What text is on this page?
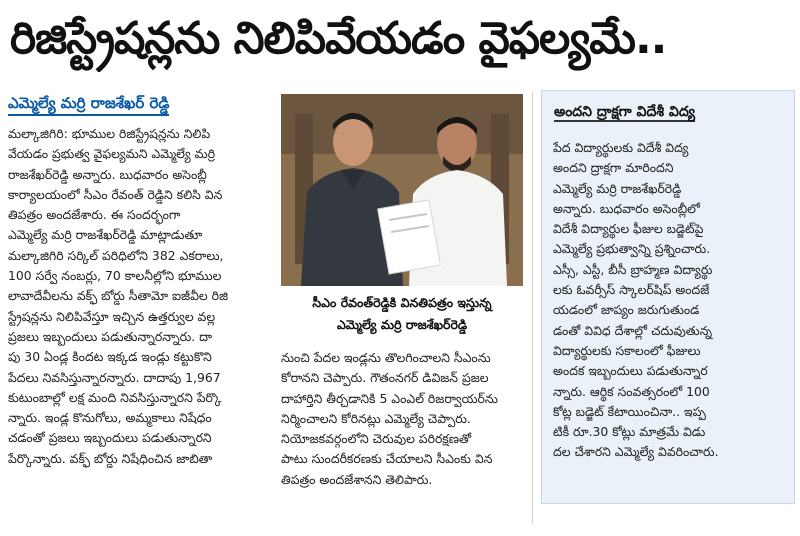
రిజిస్ట్రేషన్లను నిలిపివేయడం వైఫల్యమే..
ఎమ్మెల్యే మర్రి రాజశేఖర్ రెడ్డి

మల్కాజిగిరి: భూముల రిజిస్ట్రేషన్లను నిలిపి

వేయడం ప్రభుత్వ వైఫల్యమని ఎమ్మెల్యే మర్రి

రాజశేఖర్‌రెడ్డి అన్నారు. బుధవారం అసెంబ్లీ

కార్యాలయంలో సీఎం రేవంత్ రెడ్డిని కలిసి విన

తిపత్రం అందజేశారు. ఈ సందర్భంగా

ఎమ్మెల్యే మర్రి రాజశేఖర్‌రెడ్డి మాట్లాడుతూ

మల్కాజిగిరి సర్కిల్ పరిధిలోని 382 ఎకరాలు,

100 సర్వే నంబర్లు, 70 కాలనీల్లోని భూముల

లావాదేవీలను వక్ఫ్ బోర్డు సీతామో ఐజీవీల రిజి

స్ట్రేషన్లను నిలిపివేస్తూ ఇచ్చిన ఉత్తర్వుల వల్ల

ప్రజలు ఇబ్బందులు పడుతున్నారన్నారు. దా

పు 30 ఏండ్ల కిందట ఇక్కడ ఇండ్లు కట్టుకొని

పేదలు నివసిస్తున్నారన్నారు. దాదాపు 1,967

కుటుంబాల్లో లక్ష మంది నివసిస్తున్నారని పేర్కొ

న్నారు. ఇండ్ల కొనుగోలు, అమ్మకాలు నిషేధం

చడంతో ప్రజలు ఇబ్బందులు పడుతున్నారని

పేర్కొన్నారు. వక్ఫ్ బోర్డు నిషేధించిన జాబితా

సీఎం రేవంత్‌రెడ్డికి వినతిపత్రం ఇస్తున్న
ఎమ్మెల్యే మర్రి రాజశేఖర్‌రెడ్డి

నుంచి పేదల ఇండ్లను తొలగించాలని సీఎంను

కోరానని చెప్పారు. గౌతంనగర్ డివిజన్ ప్రజల

దాహార్తిని తీర్చడానికి 5 ఎంఎల్ రిజర్వాయర్‌ను

నిర్మించాలని కోరినట్లు ఎమ్మెల్యే చెప్పారు.

నియోజకవర్గంలోని చెరువుల పరిరక్షణతో

పాటు సుందరీకరణకు చేయాలని సీఎంకు విన

తిపత్రం అందజేశానని తెలిపారు.

అందని ద్రాక్షగా విదేశీ విద్య

పేద విద్యార్థులకు విదేశీ విద్య

అందని ద్రాక్షగా మారిందని

ఎమ్మెల్యే మర్రి రాజశేఖర్‌రెడ్డి

అన్నారు. బుధవారం అసెంబ్లీలో

విదేశీ విద్యార్థుల ఫీజుల బడ్జెట్‌పై

ఎమ్మెల్యే ప్రభుత్వాన్ని ప్రశ్నించారు.

ఎస్సీ, ఎస్టీ, బీసీ బ్రాహ్మణ విద్యార్థు

లకు ఓవర్సీస్ స్కాలర్‌షిప్ అందజే

యడంలో జాప్యం జరుగుతుండ

డంతో వివిధ దేశాల్లో చదువుతున్న

విద్యార్థులకు సకాలంలో ఫీజులు

అందక ఇబ్బందులు పడుతున్నార

న్నారు. ఆర్థిక సంవత్సరంలో 100

కోట్ల బడ్జెట్ కేటాయించినా.. ఇప్ప

టికీ రూ.30 కోట్లు మాత్రమే విడు

దల చేశారని ఎమ్మెల్యే వివరించారు.
